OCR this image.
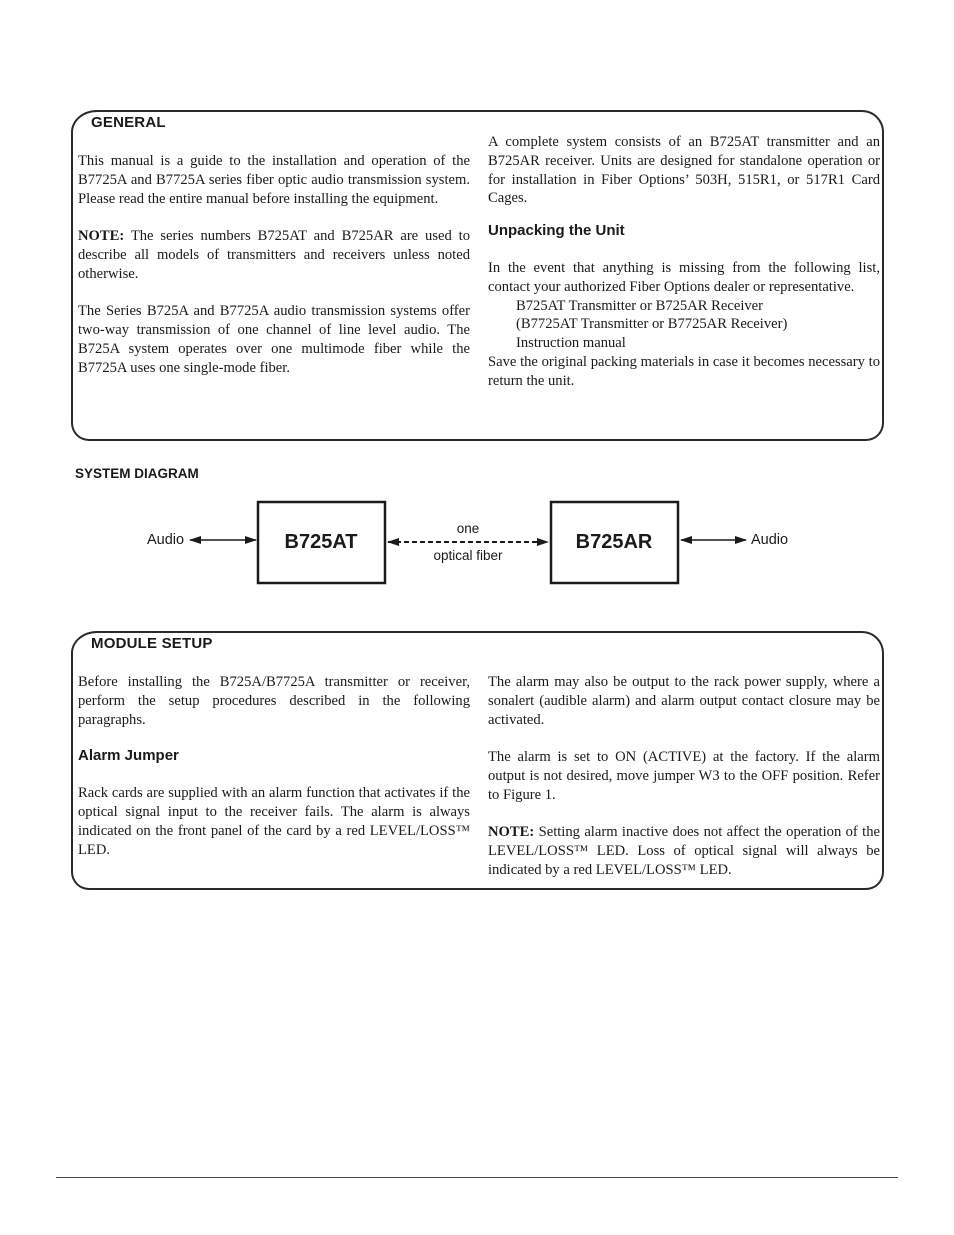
GENERAL

This manual is a guide to the installation and operation of the B7725A and B7725A series fiber optic audio transmission system. Please read the entire manual before installing the equipment.

NOTE: The series numbers B725AT and B725AR are used to describe all models of transmitters and receivers unless noted otherwise.

The Series B725A and B7725A audio transmission systems offer two-way transmission of one channel of line level audio. The B725A system operates over one multimode fiber while the B7725A uses one single-mode fiber.

A complete system consists of an B725AT transmitter and an B725AR receiver. Units are designed for standalone operation or for installation in Fiber Options’ 503H, 515R1, or 517R1 Card Cages.

Unpacking the Unit

In the event that anything is missing from the following list, contact your authorized Fiber Options dealer or representative.

B725AT Transmitter or B725AR Receiver

(B7725AT Transmitter or B7725AR Receiver)

Instruction manual

Save the original packing materials in case it becomes necessary to return the unit.

SYSTEM DIAGRAM
Audio	B725AT
one
optical fiber
B725AR	Audio
MODULE SETUP

Before installing the B725A/B7725A transmitter or receiver, perform the setup procedures described in the following paragraphs.

Alarm Jumper

Rack cards are supplied with an alarm function that activates if the optical signal input to the receiver fails. The alarm is always indicated on the front panel of the card by a red LEVEL/LOSS™ LED.

The alarm may also be output to the rack power supply, where a sonalert (audible alarm) and alarm output contact closure may be activated.

The alarm is set to ON (ACTIVE) at the factory. If the alarm output is not desired, move jumper W3 to the OFF position. Refer to Figure 1.

NOTE: Setting alarm inactive does not affect the operation of the LEVEL/LOSS™ LED. Loss of optical signal will always be indicated by a red LEVEL/LOSS™ LED.
